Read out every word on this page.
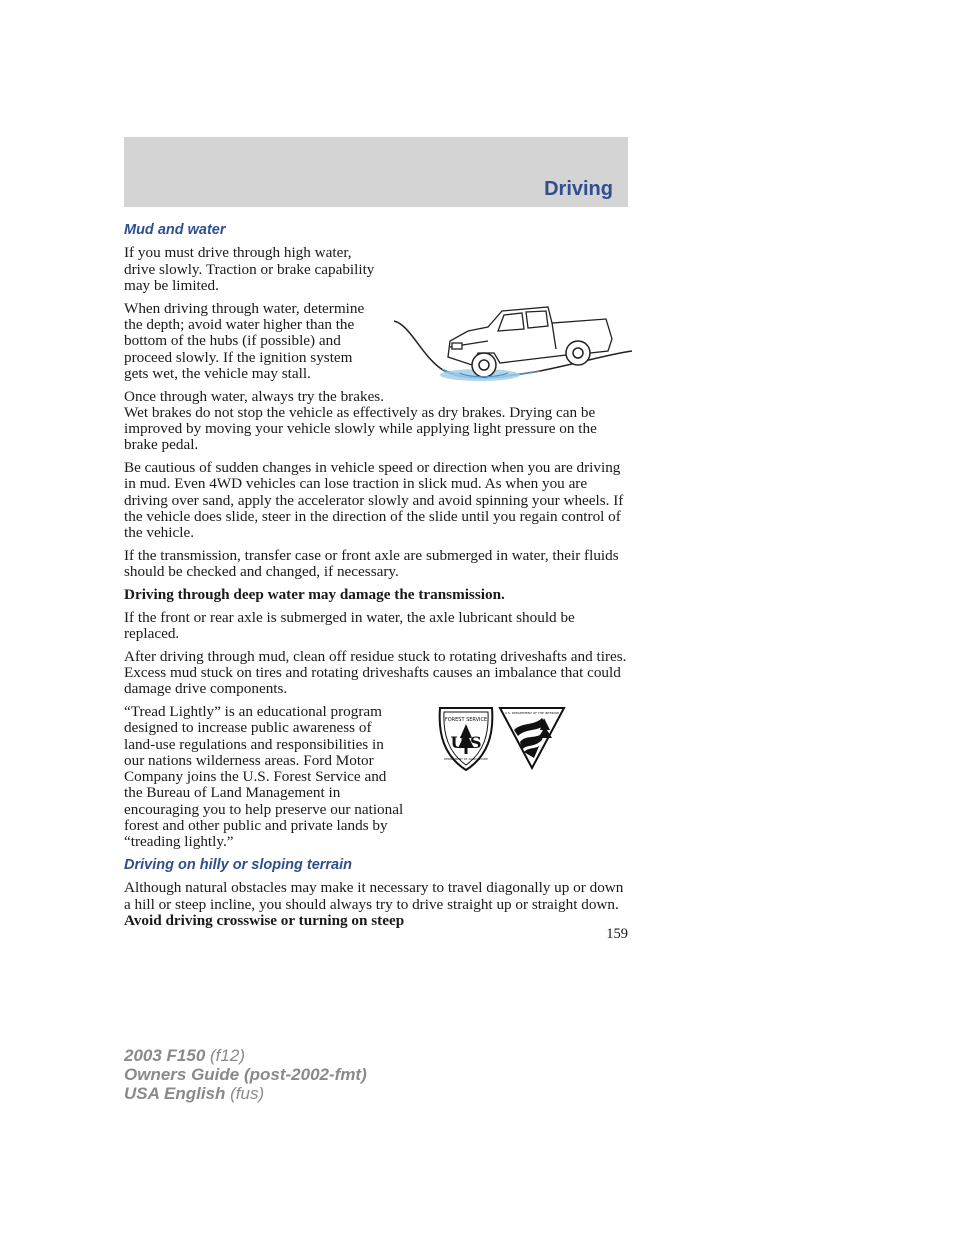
Driving
Mud and water

If you must drive through high water, drive slowly. Traction or brake capability may be limited.

When driving through water, determine the depth; avoid water higher than the bottom of the hubs (if possible) and proceed slowly. If the ignition system gets wet, the vehicle may stall.

Once through water, always try the brakes. Wet brakes do not stop the vehicle as effectively as dry brakes. Drying can be improved by moving your vehicle slowly while applying light pressure on the brake pedal.

Be cautious of sudden changes in vehicle speed or direction when you are driving in mud. Even 4WD vehicles can lose traction in slick mud. As when you are driving over sand, apply the accelerator slowly and avoid spinning your wheels. If the vehicle does slide, steer in the direction of the slide until you regain control of the vehicle.

If the transmission, transfer case or front axle are submerged in water, their fluids should be checked and changed, if necessary.

Driving through deep water may damage the transmission.

If the front or rear axle is submerged in water, the axle lubricant should be replaced.

After driving through mud, clean off residue stuck to rotating driveshafts and tires. Excess mud stuck on tires and rotating driveshafts causes an imbalance that could damage drive components.

FOREST SERVICE
U S
DEPARTMENT OF AGRICULTURE
U.S. DEPARTMENT OF THE INTERIOR

“Tread Lightly” is an educational program designed to increase public awareness of land-use regulations and responsibilities in our nations wilderness areas. Ford Motor Company joins the U.S. Forest Service and the Bureau of Land Management in encouraging you to help preserve our national forest and other public and private lands by “treading lightly.”

Driving on hilly or sloping terrain

Although natural obstacles may make it necessary to travel diagonally up or down a hill or steep incline, you should always try to drive straight up or straight down. Avoid driving crosswise or turning on steep

159
2003 F150 (f12)
Owners Guide (post-2002-fmt)
USA English (fus)
